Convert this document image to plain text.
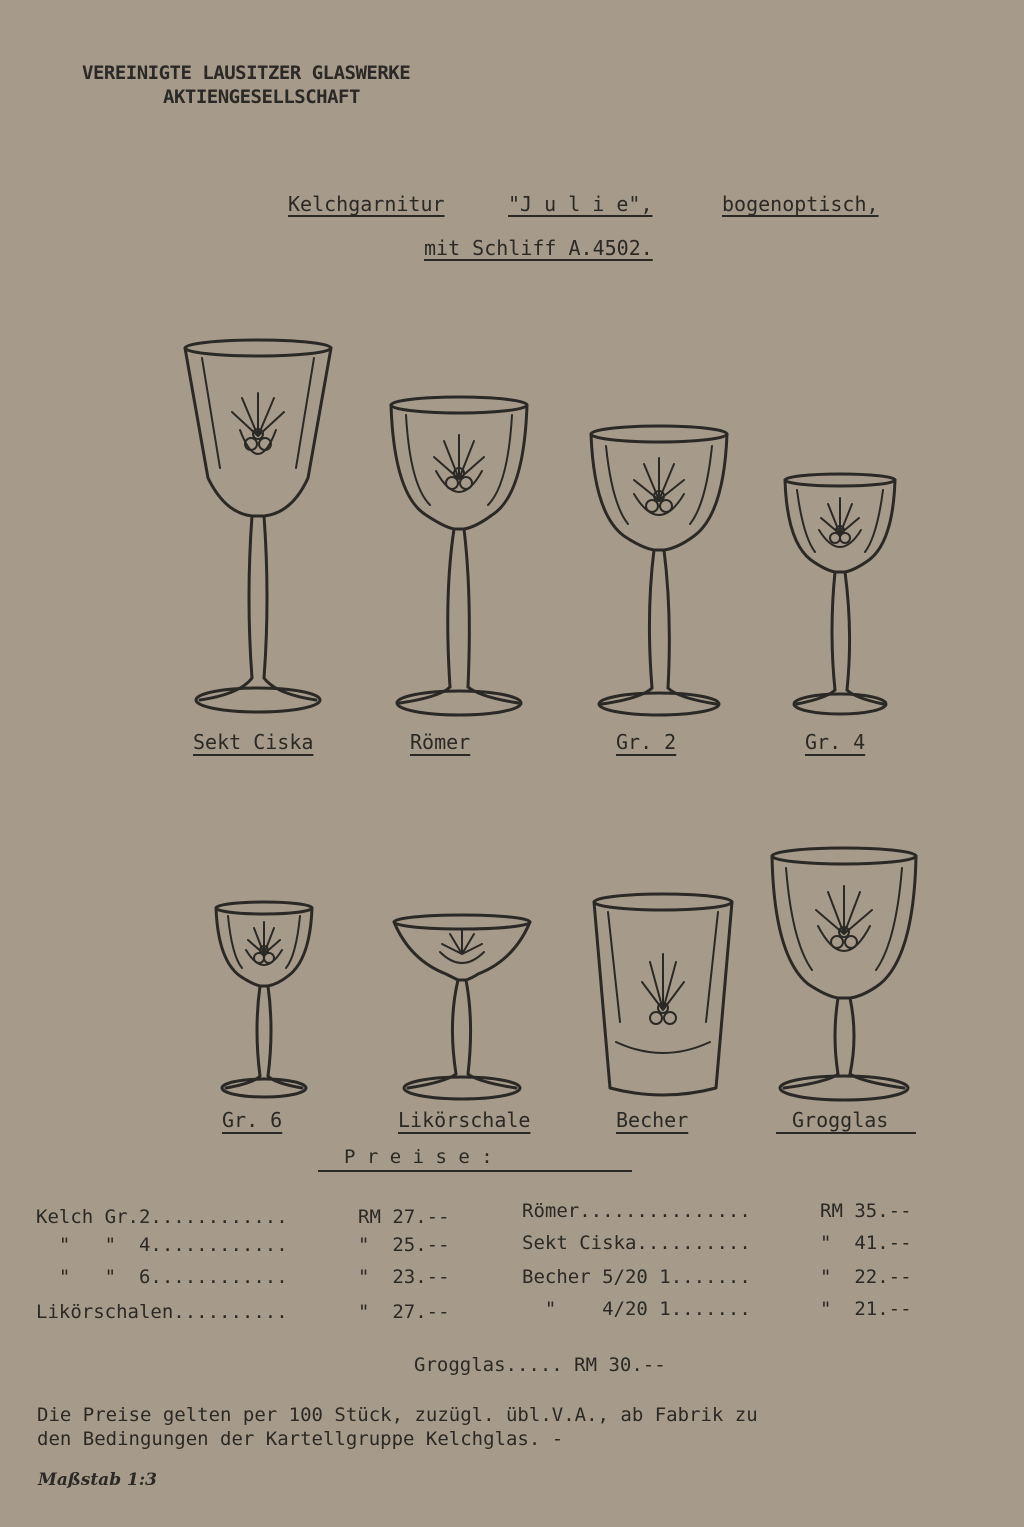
VEREINIGTE LAUSITZER GLASWERKE
AKTIENGESELLSCHAFT
Kelchgarnitur	"J u l i e",	bogenoptisch,
mit Schliff A.4502.
Sekt Ciska	Römer	Gr. 2	Gr. 4
Gr. 6	Likörschale	Becher	Grogglas
P r e i s e :
Kelch Gr.2............	RM 27.--
"   "  4............	"  25.--
"   "  6............	"  23.--
Likörschalen..........	"  27.--
Römer...............	RM 35.--
Sekt Ciska..........	"  41.--
Becher 5/20 1.......	"  22.--
"    4/20 1.......	"  21.--
Grogglas..... RM 30.--
Die Preise gelten per 100 Stück, zuzügl. übl.V.A., ab Fabrik zu
den Bedingungen der Kartellgruppe Kelchglas. -
Maßstab 1:3
